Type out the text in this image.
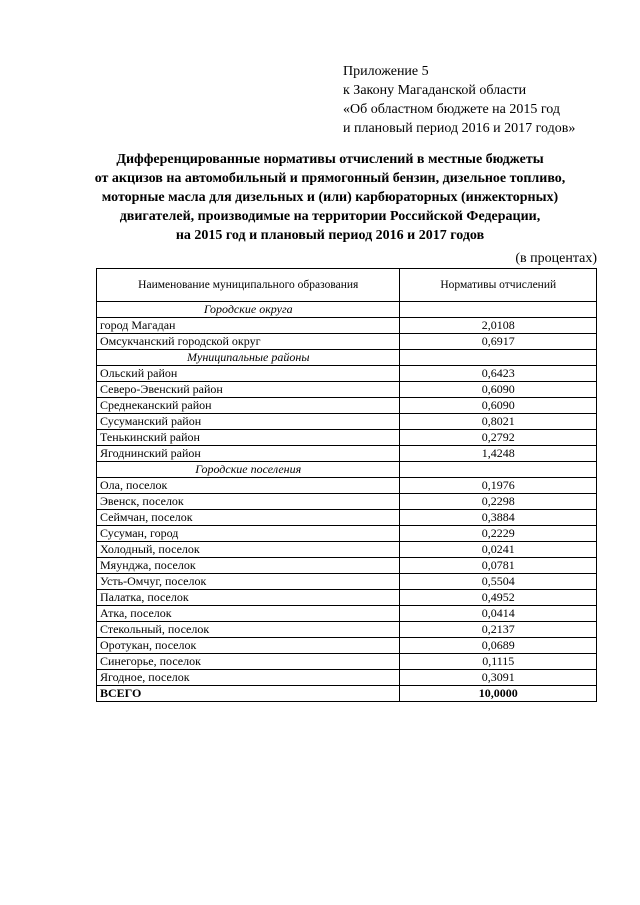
Приложение 5
к Закону Магаданской области
«Об областном бюджете на 2015 год
и плановый период 2016 и 2017 годов»
Дифференцированные нормативы отчислений в местные бюджеты
от акцизов на автомобильный и прямогонный бензин, дизельное топливо,
моторные масла для дизельных и (или) карбюраторных (инжекторных)
двигателей, производимые на территории Российской Федерации,
на 2015 год и плановый период 2016 и 2017 годов
(в процентах)
Наименование муниципального образования	Нормативы отчислений
Городские округа	
город Магадан	2,0108
Омсукчанский городской округ	0,6917
Муниципальные районы	
Ольский район	0,6423
Северо-Эвенский район	0,6090
Среднеканский район	0,6090
Сусуманский район	0,8021
Тенькинский район	0,2792
Ягоднинский район	1,4248
Городские поселения	
Ола, поселок	0,1976
Эвенск, поселок	0,2298
Сеймчан, поселок	0,3884
Сусуман, город	0,2229
Холодный, поселок	0,0241
Мяунджа, поселок	0,0781
Усть-Омчуг, поселок	0,5504
Палатка, поселок	0,4952
Атка, поселок	0,0414
Стекольный, поселок	0,2137
Оротукан, поселок	0,0689
Синегорье, поселок	0,1115
Ягодное, поселок	0,3091
ВСЕГО	10,0000
